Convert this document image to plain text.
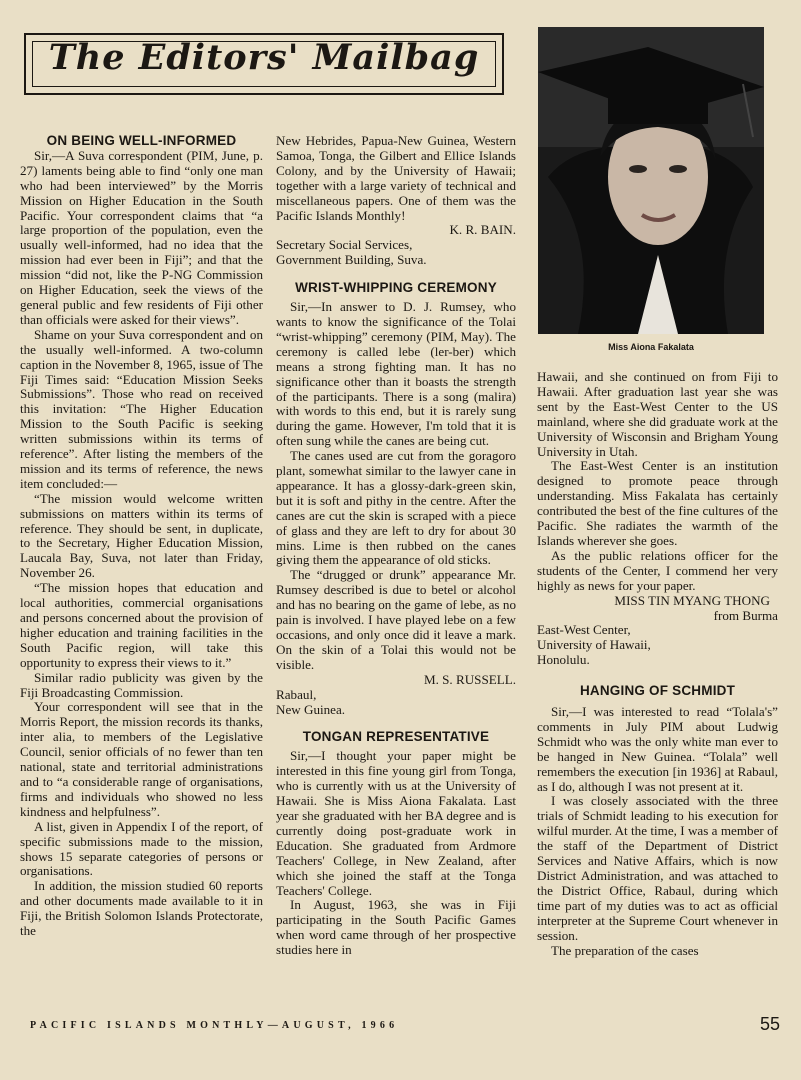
The Editors' Mailbag
ON BEING WELL-INFORMED

Sir,—A Suva correspondent (PIM, June, p. 27) laments being able to find “only one man who had been interviewed” by the Morris Mission on Higher Education in the South Pacific. Your correspondent claims that “a large proportion of the population, even the usually well-informed, had no idea that the mission had ever been in Fiji”; and that the mission “did not, like the P-NG Commission on Higher Education, seek the views of the general public and few residents of Fiji other than officials were asked for their views”.

Shame on your Suva correspondent and on the usually well-informed. A two-column caption in the November 8, 1965, issue of The Fiji Times said: “Education Mission Seeks Submissions”. Those who read on received this invitation: “The Higher Education Mission to the South Pacific is seeking written submissions within its terms of reference”. After listing the members of the mission and its terms of reference, the news item concluded:—

“The mission would welcome written submissions on matters within its terms of reference. They should be sent, in duplicate, to the Secretary, Higher Education Mission, Laucala Bay, Suva, not later than Friday, November 26.

“The mission hopes that education and local authorities, commercial organisations and persons concerned about the provision of higher education and training facilities in the South Pacific region, will take this opportunity to express their views to it.”

Similar radio publicity was given by the Fiji Broadcasting Commission.

Your correspondent will see that in the Morris Report, the mission records its thanks, inter alia, to members of the Legislative Council, senior officials of no fewer than ten national, state and territorial administrations and to “a considerable range of organisations, firms and individuals who showed no less kindness and helpfulness”.

A list, given in Appendix I of the report, of specific submissions made to the mission, shows 15 separate categories of persons or organisations.

In addition, the mission studied 60 reports and other documents made available to it in Fiji, the British Solomon Islands Protectorate, the

New Hebrides, Papua-New Guinea, Western Samoa, Tonga, the Gilbert and Ellice Islands Colony, and by the University of Hawaii; together with a large variety of technical and miscellaneous papers. One of them was the Pacific Islands Monthly!

K. R. BAIN.

Secretary Social Services,

Government Building, Suva.

WRIST-WHIPPING CEREMONY

Sir,—In answer to D. J. Rumsey, who wants to know the significance of the Tolai “wrist-whipping” ceremony (PIM, May). The ceremony is called lebe (ler-ber) which means a strong fighting man. It has no significance other than it boasts the strength of the participants. There is a song (malira) with words to this end, but it is rarely sung during the game. However, I'm told that it is often sung while the canes are being cut.

The canes used are cut from the goragoro plant, somewhat similar to the lawyer cane in appearance. It has a glossy-dark-green skin, but it is soft and pithy in the centre. After the canes are cut the skin is scraped with a piece of glass and they are left to dry for about 30 mins. Lime is then rubbed on the canes giving them the appearance of old sticks.

The “drugged or drunk” appearance Mr. Rumsey described is due to betel or alcohol and has no bearing on the game of lebe, as no pain is involved. I have played lebe on a few occasions, and only once did it leave a mark. On the skin of a Tolai this would not be visible.

M. S. RUSSELL.

Rabaul,

New Guinea.

TONGAN REPRESENTATIVE

Sir,—I thought your paper might be interested in this fine young girl from Tonga, who is currently with us at the University of Hawaii. She is Miss Aiona Fakalata. Last year she graduated with her BA degree and is currently doing post-graduate work in Education. She graduated from Ardmore Teachers' College, in New Zealand, after which she joined the staff at the Tonga Teachers' College.

In August, 1963, she was in Fiji participating in the South Pacific Games when word came through of her prospective studies here in

Miss Aiona Fakalata

Hawaii, and she continued on from Fiji to Hawaii. After graduation last year she was sent by the East-West Center to the US mainland, where she did graduate work at the University of Wisconsin and Brigham Young University in Utah.

The East-West Center is an institution designed to promote peace through understanding. Miss Fakalata has certainly contributed the best of the fine cultures of the Pacific. She radiates the warmth of the Islands wherever she goes.

As the public relations officer for the students of the Center, I commend her very highly as news for your paper.

MISS TIN MYANG THONG

from Burma

East-West Center,

University of Hawaii,

Honolulu.

HANGING OF SCHMIDT

Sir,—I was interested to read “Tolala's” comments in July PIM about Ludwig Schmidt who was the only white man ever to be hanged in New Guinea. “Tolala” well remembers the execution [in 1936] at Rabaul, as I do, although I was not present at it.

I was closely associated with the three trials of Schmidt leading to his execution for wilful murder. At the time, I was a member of the staff of the Department of District Services and Native Affairs, which is now District Administration, and was attached to the District Office, Rabaul, during which time part of my duties was to act as official interpreter at the Supreme Court whenever in session.

The preparation of the cases

PACIFIC ISLANDS MONTHLY—AUGUST, 1966	55
